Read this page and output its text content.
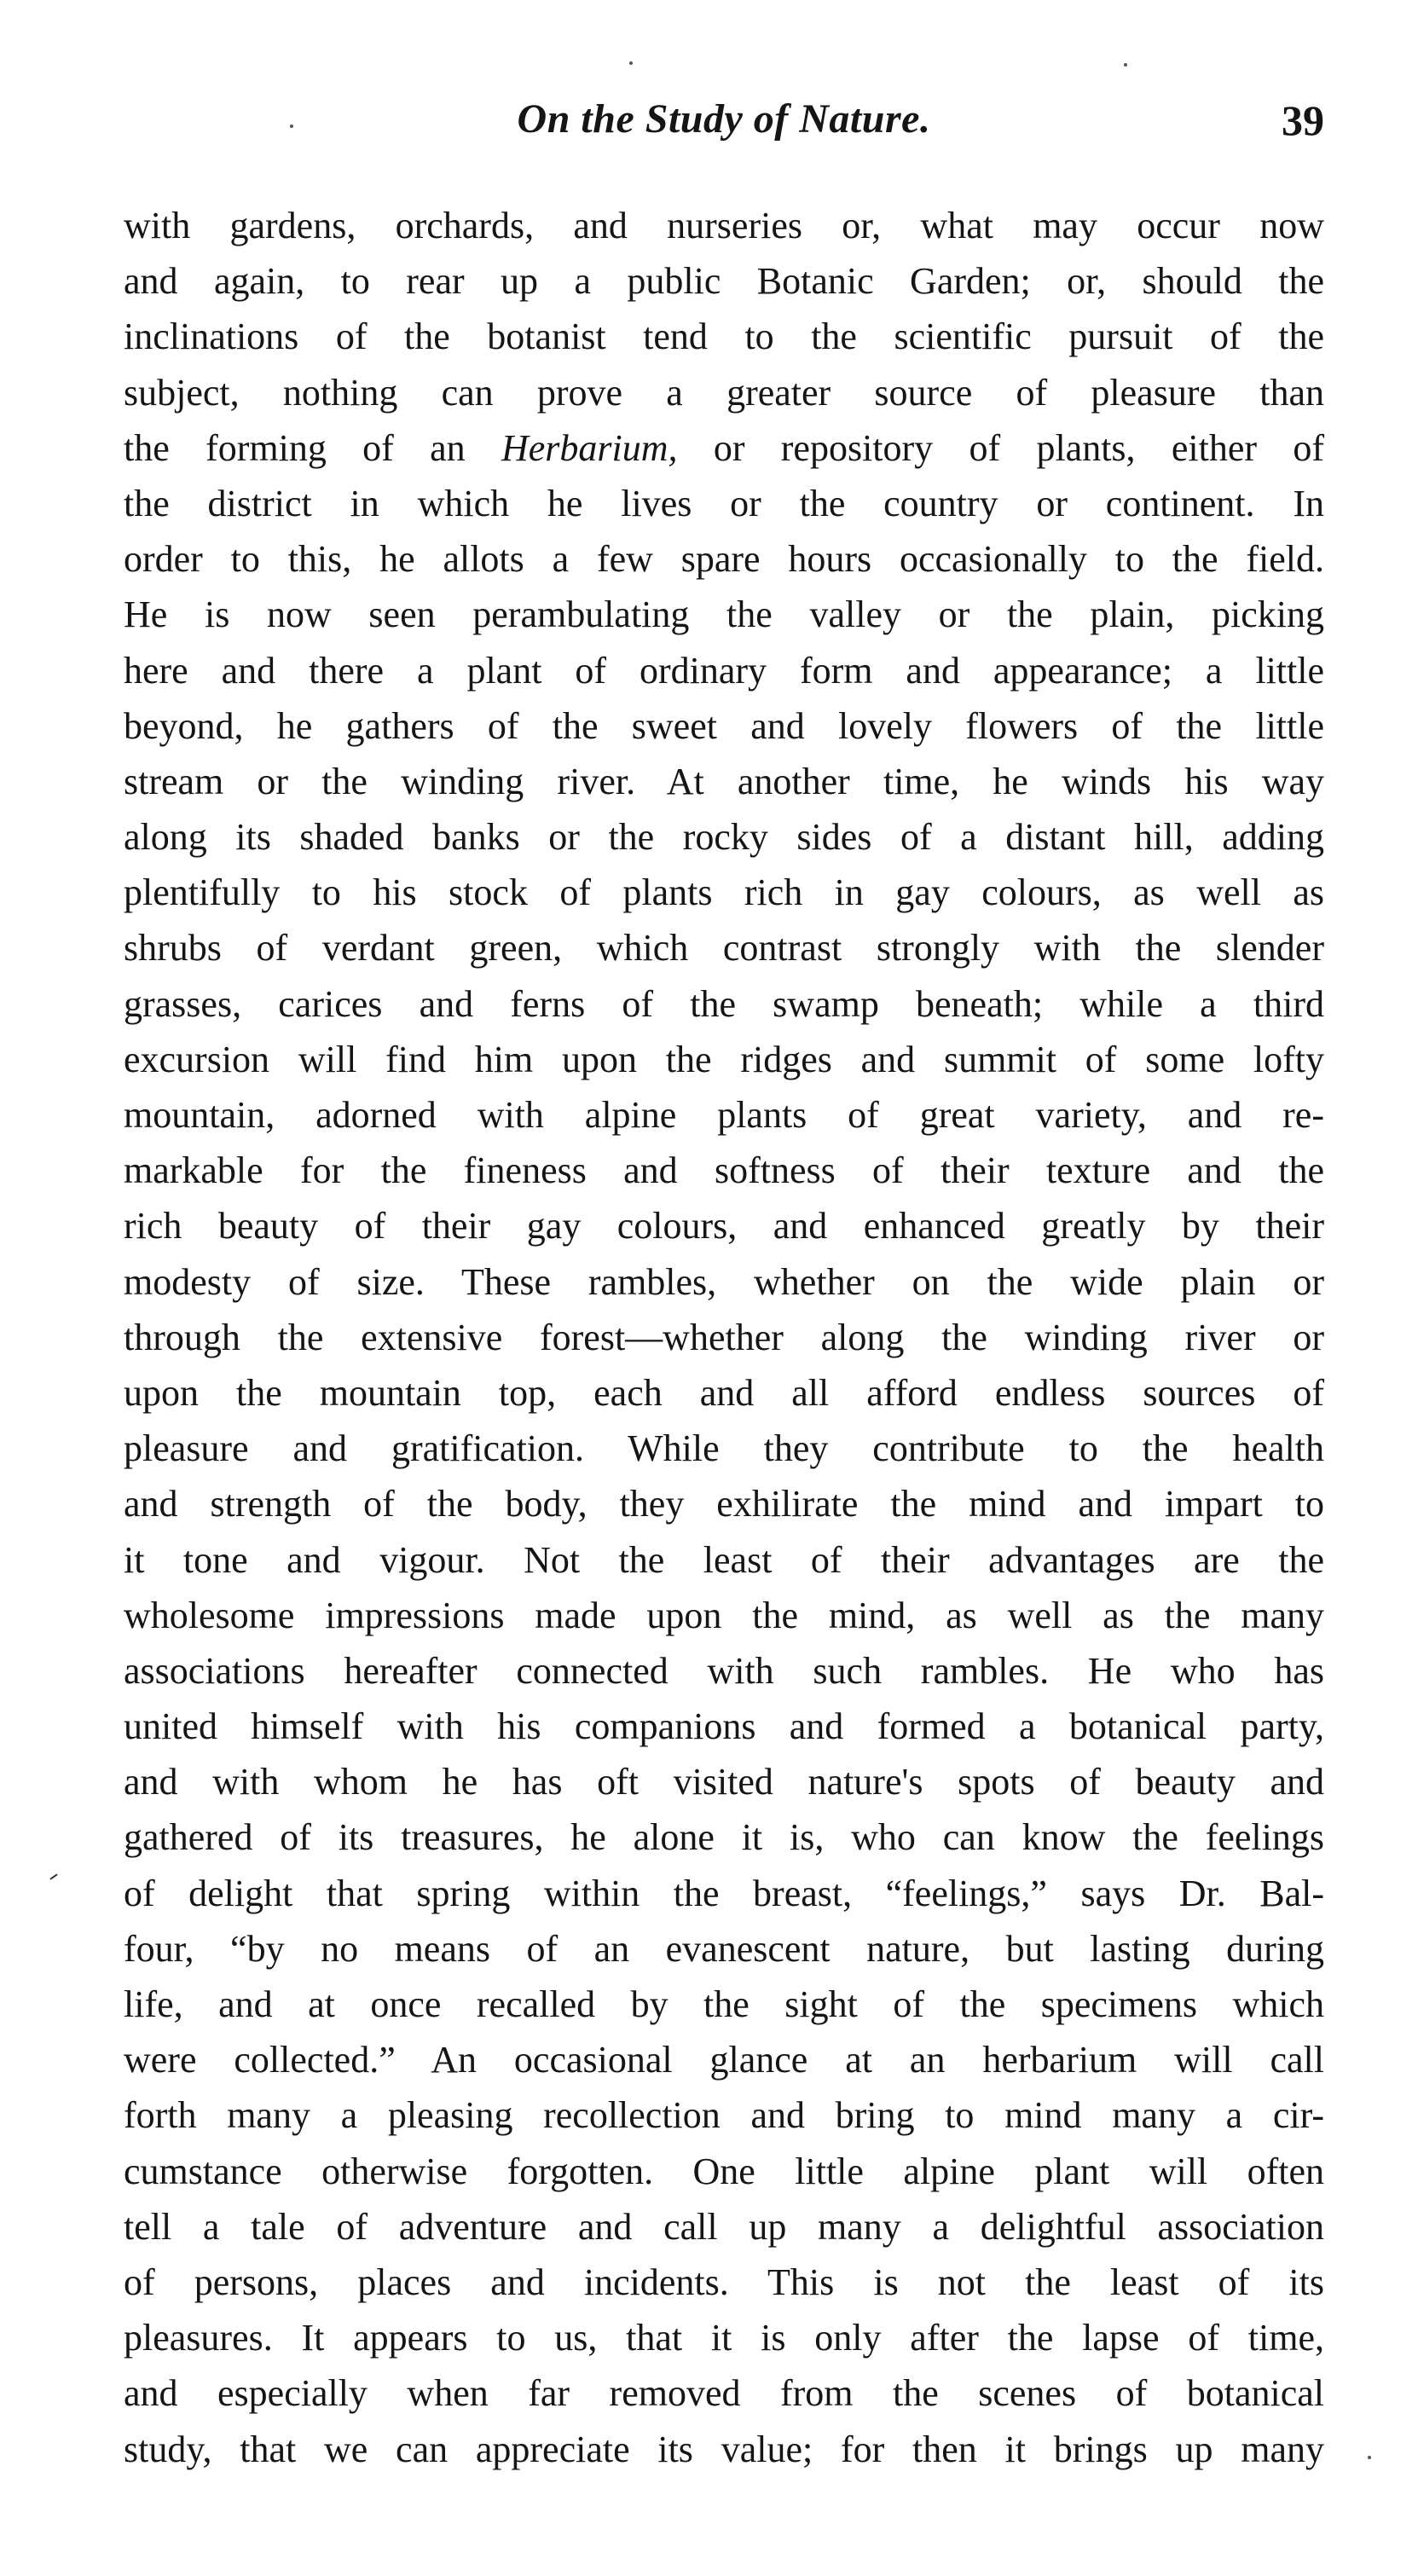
On the Study of Nature.	39
with gardens, orchards, and nurseries or, what may occur now
and again, to rear up a public Botanic Garden; or, should the
inclinations of the botanist tend to the scientific pursuit of the
subject, nothing can prove a greater source of pleasure than
the forming of an Herbarium, or repository of plants, either of
the district in which he lives or the country or continent. In
order to this, he allots a few spare hours occasionally to the field.
He is now seen perambulating the valley or the plain, picking
here and there a plant of ordinary form and appearance; a little
beyond, he gathers of the sweet and lovely flowers of the little
stream or the winding river. At another time, he winds his way
along its shaded banks or the rocky sides of a distant hill, adding
plentifully to his stock of plants rich in gay colours, as well as
shrubs of verdant green, which contrast strongly with the slender
grasses, carices and ferns of the swamp beneath; while a third
excursion will find him upon the ridges and summit of some lofty
mountain, adorned with alpine plants of great variety, and re-
markable for the fineness and softness of their texture and the
rich beauty of their gay colours, and enhanced greatly by their
modesty of size. These rambles, whether on the wide plain or
through the extensive forest—whether along the winding river or
upon the mountain top, each and all afford endless sources of
pleasure and gratification. While they contribute to the health
and strength of the body, they exhilirate the mind and impart to
it tone and vigour. Not the least of their advantages are the
wholesome impressions made upon the mind, as well as the many
associations hereafter connected with such rambles. He who has
united himself with his companions and formed a botanical party,
and with whom he has oft visited nature's spots of beauty and
gathered of its treasures, he alone it is, who can know the feelings
of delight that spring within the breast, “feelings,” says Dr. Bal-
four, “by no means of an evanescent nature, but lasting during
life, and at once recalled by the sight of the specimens which
were collected.” An occasional glance at an herbarium will call
forth many a pleasing recollection and bring to mind many a cir-
cumstance otherwise forgotten. One little alpine plant will often
tell a tale of adventure and call up many a delightful association
of persons, places and incidents. This is not the least of its
pleasures. It appears to us, that it is only after the lapse of time,
and especially when far removed from the scenes of botanical
study, that we can appreciate its value; for then it brings up many
